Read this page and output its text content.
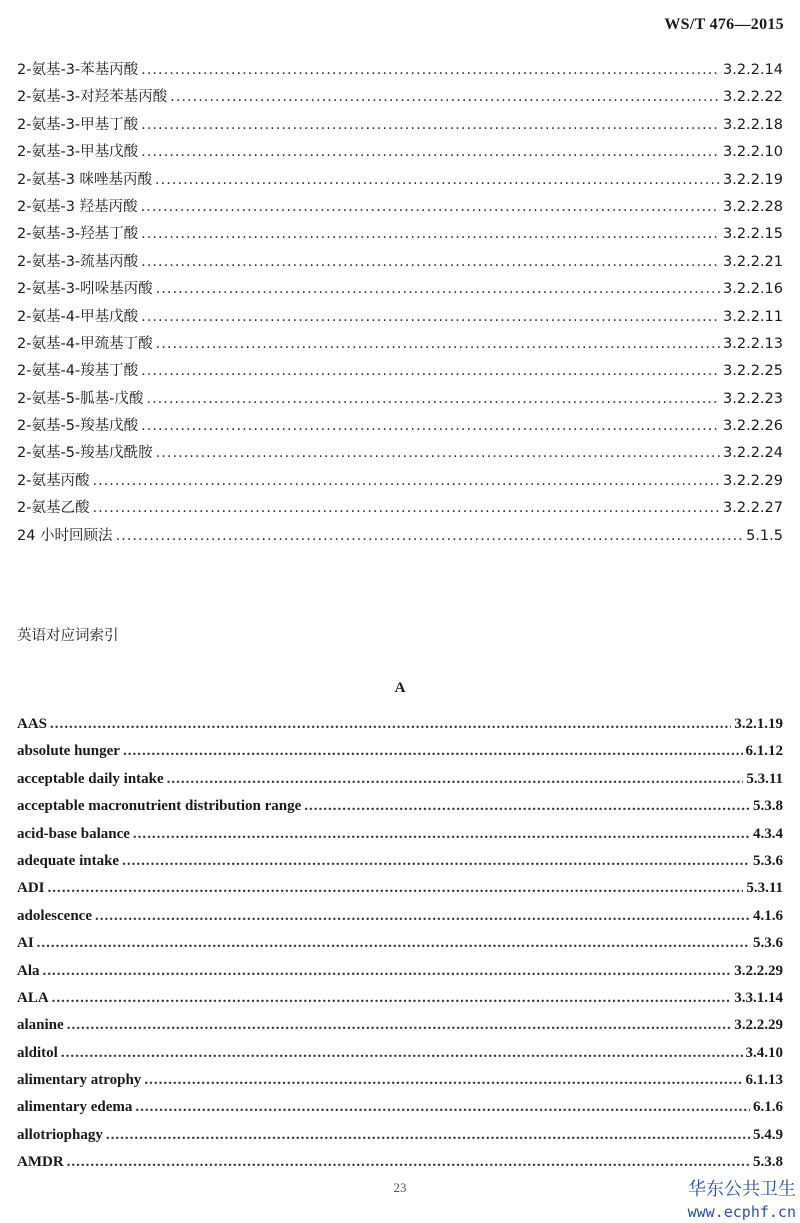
WS/T 476—2015
2-氨基-3-苯基丙酸 .....	3.2.2.14
2-氨基-3-对羟苯基丙酸 .....	3.2.2.22
2-氨基-3-甲基丁酸 .....	3.2.2.18
2-氨基-3-甲基戊酸 .....	3.2.2.10
2-氨基-3 咪唑基丙酸 .....	3.2.2.19
2-氨基-3 羟基丙酸 .....	3.2.2.28
2-氨基-3-羟基丁酸 .....	3.2.2.15
2-氨基-3-巯基丙酸 .....	3.2.2.21
2-氨基-3-吲哚基丙酸 .....	3.2.2.16
2-氨基-4-甲基戊酸 .....	3.2.2.11
2-氨基-4-甲巯基丁酸 .....	3.2.2.13
2-氨基-4-羧基丁酸 .....	3.2.2.25
2-氨基-5-胍基-戊酸 .....	3.2.2.23
2-氨基-5-羧基戊酸 .....	3.2.2.26
2-氨基-5-羧基戊酰胺 .....	3.2.2.24
2-氨基丙酸 .....	3.2.2.29
2-氨基乙酸 .....	3.2.2.27
24 小时回顾法 .....	5.1.5
英语对应词索引
A
AAS .....	3.2.1.19
absolute hunger .....	6.1.12
acceptable daily intake .....	5.3.11
acceptable macronutrient distribution range .....	5.3.8
acid-base balance .....	4.3.4
adequate intake .....	5.3.6
ADI .....	5.3.11
adolescence .....	4.1.6
AI .....	5.3.6
Ala .....	3.2.2.29
ALA .....	3.3.1.14
alanine .....	3.2.2.29
alditol .....	3.4.10
alimentary atrophy .....	6.1.13
alimentary edema .....	6.1.6
allotriophagy .....	5.4.9
AMDR .....	5.3.8
23	华东公共卫生
www.ecphf.cn
